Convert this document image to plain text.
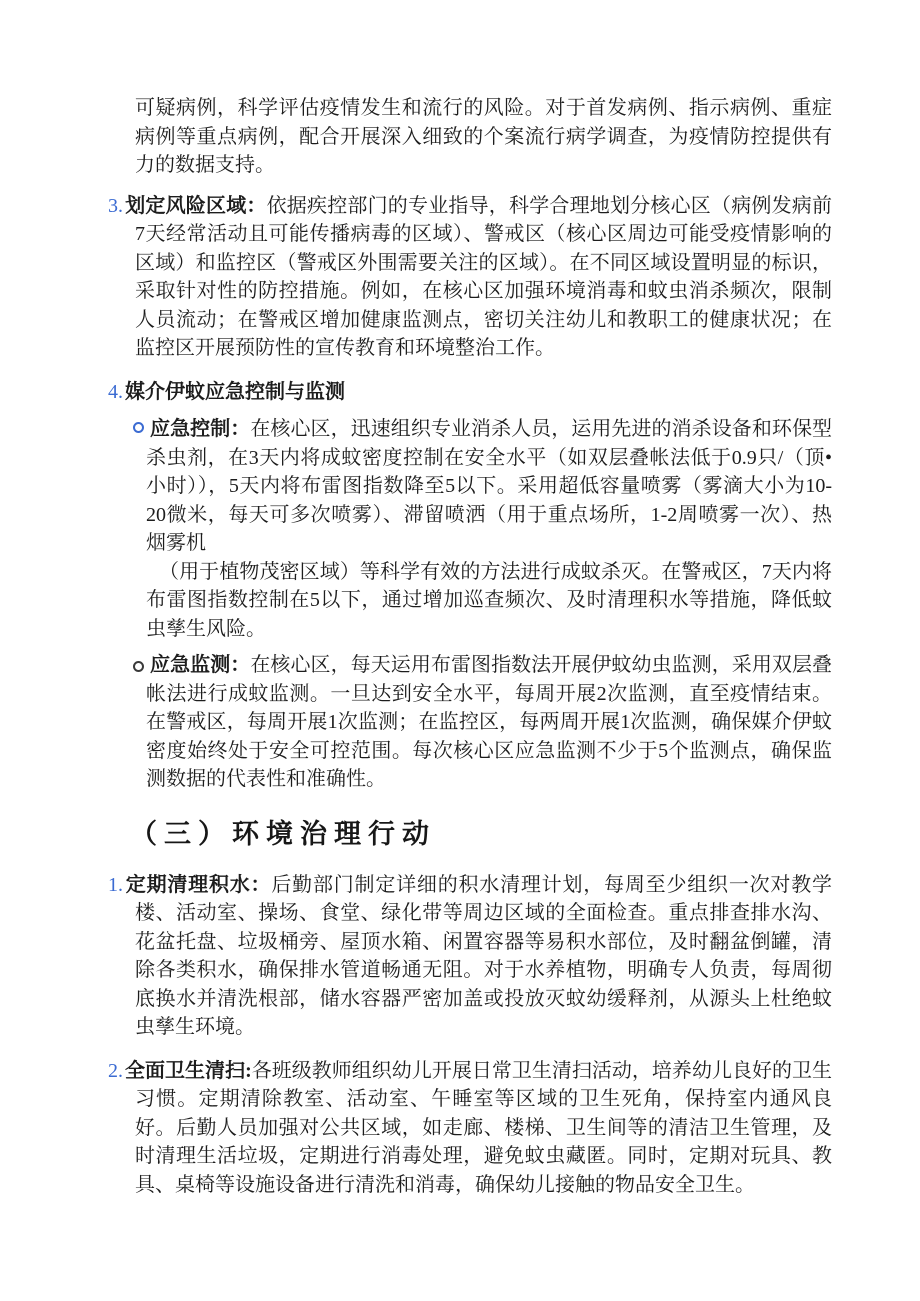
可疑病例，科学评估疫情发生和流行的风险。对于首发病例、指示病例、重症病例等重点病例，配合开展深入细致的个案流行病学调查，为疫情防控提供有力的数据支持。

3. 划定风险区域：依据疾控部门的专业指导，科学合理地划分核心区（病例发病前7天经常活动且可能传播病毒的区域）、警戒区（核心区周边可能受疫情影响的区域）和监控区（警戒区外围需要关注的区域）。在不同区域设置明显的标识，采取针对性的防控措施。例如，在核心区加强环境消毒和蚊虫消杀频次，限制人员流动；在警戒区增加健康监测点，密切关注幼儿和教职工的健康状况；在监控区开展预防性的宣传教育和环境整治工作。

4. 媒介伊蚊应急控制与监测

应急控制：在核心区，迅速组织专业消杀人员，运用先进的消杀设备和环保型杀虫剂，在3天内将成蚊密度控制在安全水平（如双层叠帐法低于0.9只/（顶•小时）），5天内将布雷图指数降至5以下。采用超低容量喷雾（雾滴大小为10-20微米，每天可多次喷雾）、滞留喷洒（用于重点场所，1-2周喷雾一次）、热烟雾机

（用于植物茂密区域）等科学有效的方法进行成蚊杀灭。在警戒区，7天内将布雷图指数控制在5以下，通过增加巡查频次、及时清理积水等措施，降低蚊虫孳生风险。

应急监测：在核心区，每天运用布雷图指数法开展伊蚊幼虫监测，采用双层叠帐法进行成蚊监测。一旦达到安全水平，每周开展2次监测，直至疫情结束。在警戒区，每周开展1次监测；在监控区，每两周开展1次监测，确保媒介伊蚊密度始终处于安全可控范围。每次核心区应急监测不少于5个监测点，确保监测数据的代表性和准确性。

（三）环境治理行动

1. 定期清理积水：后勤部门制定详细的积水清理计划，每周至少组织一次对教学楼、活动室、操场、食堂、绿化带等周边区域的全面检查。重点排查排水沟、花盆托盘、垃圾桶旁、屋顶水箱、闲置容器等易积水部位，及时翻盆倒罐，清除各类积水，确保排水管道畅通无阻。对于水养植物，明确专人负责，每周彻底换水并清洗根部，储水容器严密加盖或投放灭蚊幼缓释剂，从源头上杜绝蚊虫孳生环境。

2. 全面卫生清扫:各班级教师组织幼儿开展日常卫生清扫活动，培养幼儿良好的卫生习惯。定期清除教室、活动室、午睡室等区域的卫生死角，保持室内通风良好。后勤人员加强对公共区域，如走廊、楼梯、卫生间等的清洁卫生管理，及时清理生活垃圾，定期进行消毒处理，避免蚊虫藏匿。同时，定期对玩具、教具、桌椅等设施设备进行清洗和消毒，确保幼儿接触的物品安全卫生。
